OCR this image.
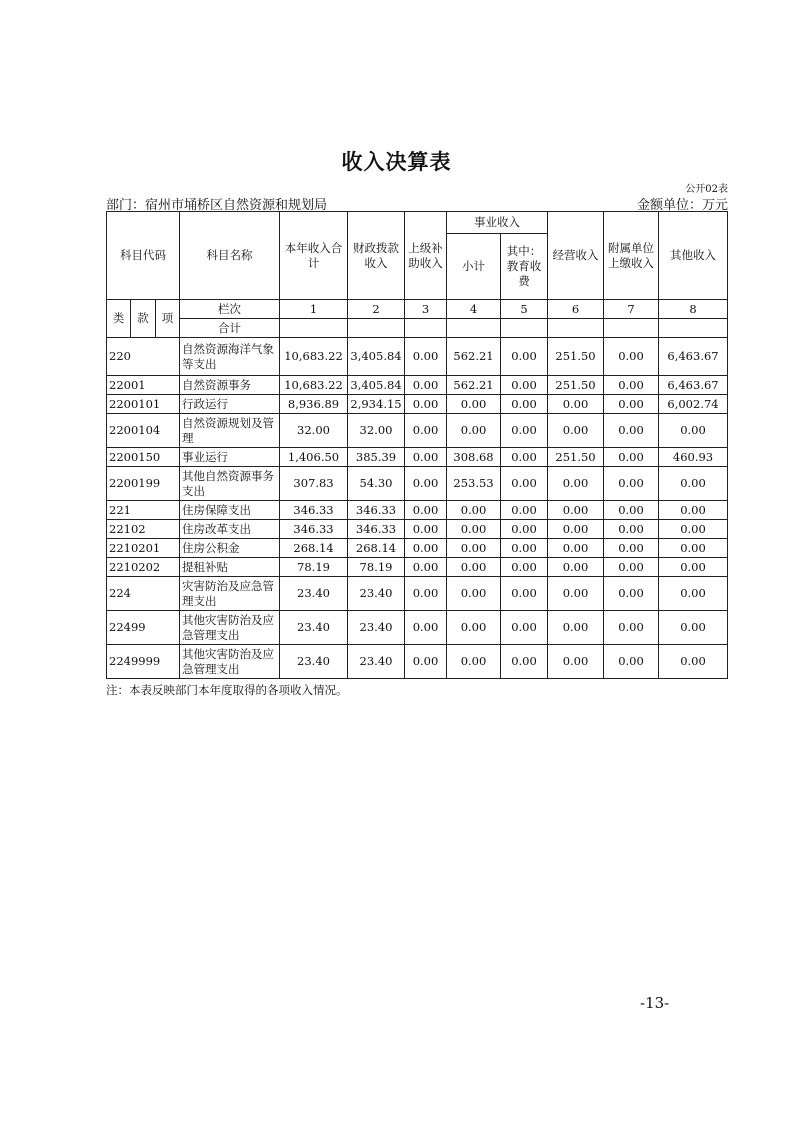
收入决算表
公开02表
部门：宿州市埇桥区自然资源和规划局	金额单位：万元
科目代码			科目名称	本年收入合计	财政拨款收入	上级补助收入	事业收入		经营收入	附属单位上缴收入	其他收入
							小计	其中：教育收费			

类	款	项	栏次	1	2	3	4	5	6	7	8
			合计								
220			自然资源海洋气象等支出	10,683.22	3,405.84	0.00	562.21	0.00	251.50	0.00	6,463.67
22001			自然资源事务	10,683.22	3,405.84	0.00	562.21	0.00	251.50	0.00	6,463.67
2200101			行政运行	8,936.89	2,934.15	0.00	0.00	0.00	0.00	0.00	6,002.74
2200104			自然资源规划及管理	32.00	32.00	0.00	0.00	0.00	0.00	0.00	0.00
2200150			事业运行	1,406.50	385.39	0.00	308.68	0.00	251.50	0.00	460.93
2200199			其他自然资源事务支出	307.83	54.30	0.00	253.53	0.00	0.00	0.00	0.00
221			住房保障支出	346.33	346.33	0.00	0.00	0.00	0.00	0.00	0.00
22102			住房改革支出	346.33	346.33	0.00	0.00	0.00	0.00	0.00	0.00
2210201			住房公积金	268.14	268.14	0.00	0.00	0.00	0.00	0.00	0.00
2210202			提租补贴	78.19	78.19	0.00	0.00	0.00	0.00	0.00	0.00
224			灾害防治及应急管理支出	23.40	23.40	0.00	0.00	0.00	0.00	0.00	0.00
22499			其他灾害防治及应急管理支出	23.40	23.40	0.00	0.00	0.00	0.00	0.00	0.00
2249999			其他灾害防治及应急管理支出	23.40	23.40	0.00	0.00	0.00	0.00	0.00	0.00
注：本表反映部门本年度取得的各项收入情况。
-13-
